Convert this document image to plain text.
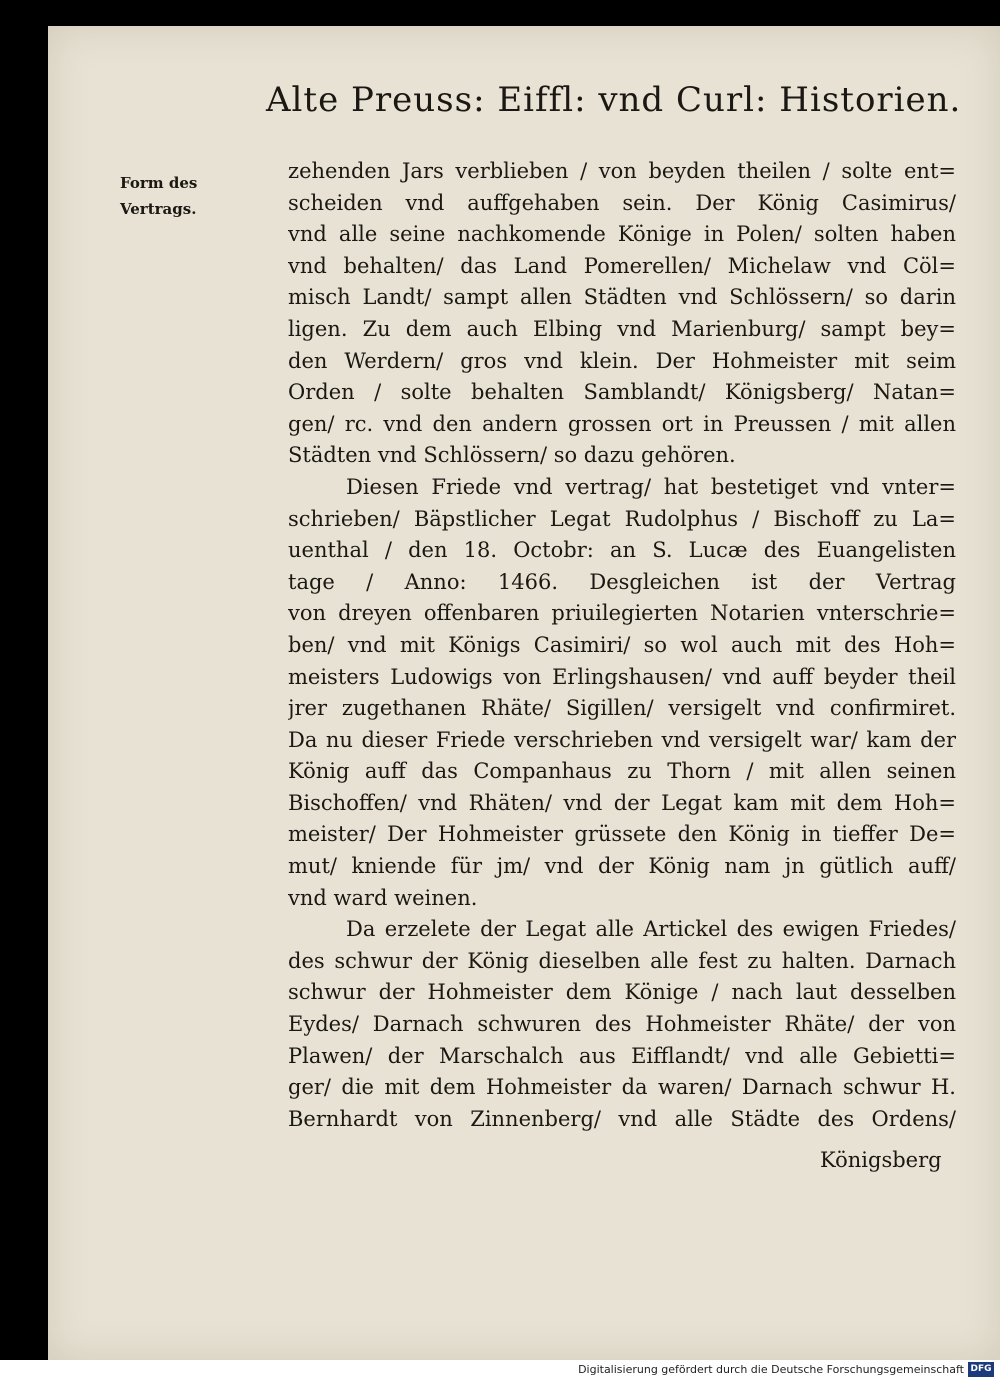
Alte Preuss: Eiffl: vnd Curl: Historien.
Form des
Vertrags.
zehenden Jars verblieben / von beyden theilen / solte ent=
scheiden vnd auffgehaben sein. Der König Casimirus/
vnd alle seine nachkomende Könige in Polen/ solten haben
vnd behalten/ das Land Pomerellen/ Michelaw vnd Cöl=
misch Landt/ sampt allen Städten vnd Schlössern/ so darin
ligen. Zu dem auch Elbing vnd Marienburg/ sampt bey=
den Werdern/ gros vnd klein. Der Hohmeister mit seim
Orden / solte behalten Samblandt/ Königsberg/ Natan=
gen/ rc. vnd den andern grossen ort in Preussen / mit allen
Städten vnd Schlössern/ so dazu gehören.
Diesen Friede vnd vertrag/ hat bestetiget vnd vnter=
schrieben/ Bäpstlicher Legat Rudolphus / Bischoff zu La=
uenthal / den 18. Octobr: an S. Lucæ des Euangelisten
tage / Anno: 1466. Desgleichen ist der Vertrag
von dreyen offenbaren priuilegierten Notarien vnterschrie=
ben/ vnd mit Königs Casimiri/ so wol auch mit des Hoh=
meisters Ludowigs von Erlingshausen/ vnd auff beyder theil
jrer zugethanen Rhäte/ Sigillen/ versigelt vnd confirmiret.
Da nu dieser Friede verschrieben vnd versigelt war/ kam der
König auff das Companhaus zu Thorn / mit allen seinen
Bischoffen/ vnd Rhäten/ vnd der Legat kam mit dem Hoh=
meister/ Der Hohmeister grüssete den König in tieffer De=
mut/ kniende für jm/ vnd der König nam jn gütlich auff/
vnd ward weinen.
Da erzelete der Legat alle Artickel des ewigen Friedes/
des schwur der König dieselben alle fest zu halten. Darnach
schwur der Hohmeister dem Könige / nach laut desselben
Eydes/ Darnach schwuren des Hohmeister Rhäte/ der von
Plawen/ der Marschalch aus Eifflandt/ vnd alle Gebietti=
ger/ die mit dem Hohmeister da waren/ Darnach schwur H.
Bernhardt von Zinnenberg/ vnd alle Städte des Ordens/
Königsberg
Digitalisierung gefördert durch die Deutsche Forschungsgemeinschaft DFG
